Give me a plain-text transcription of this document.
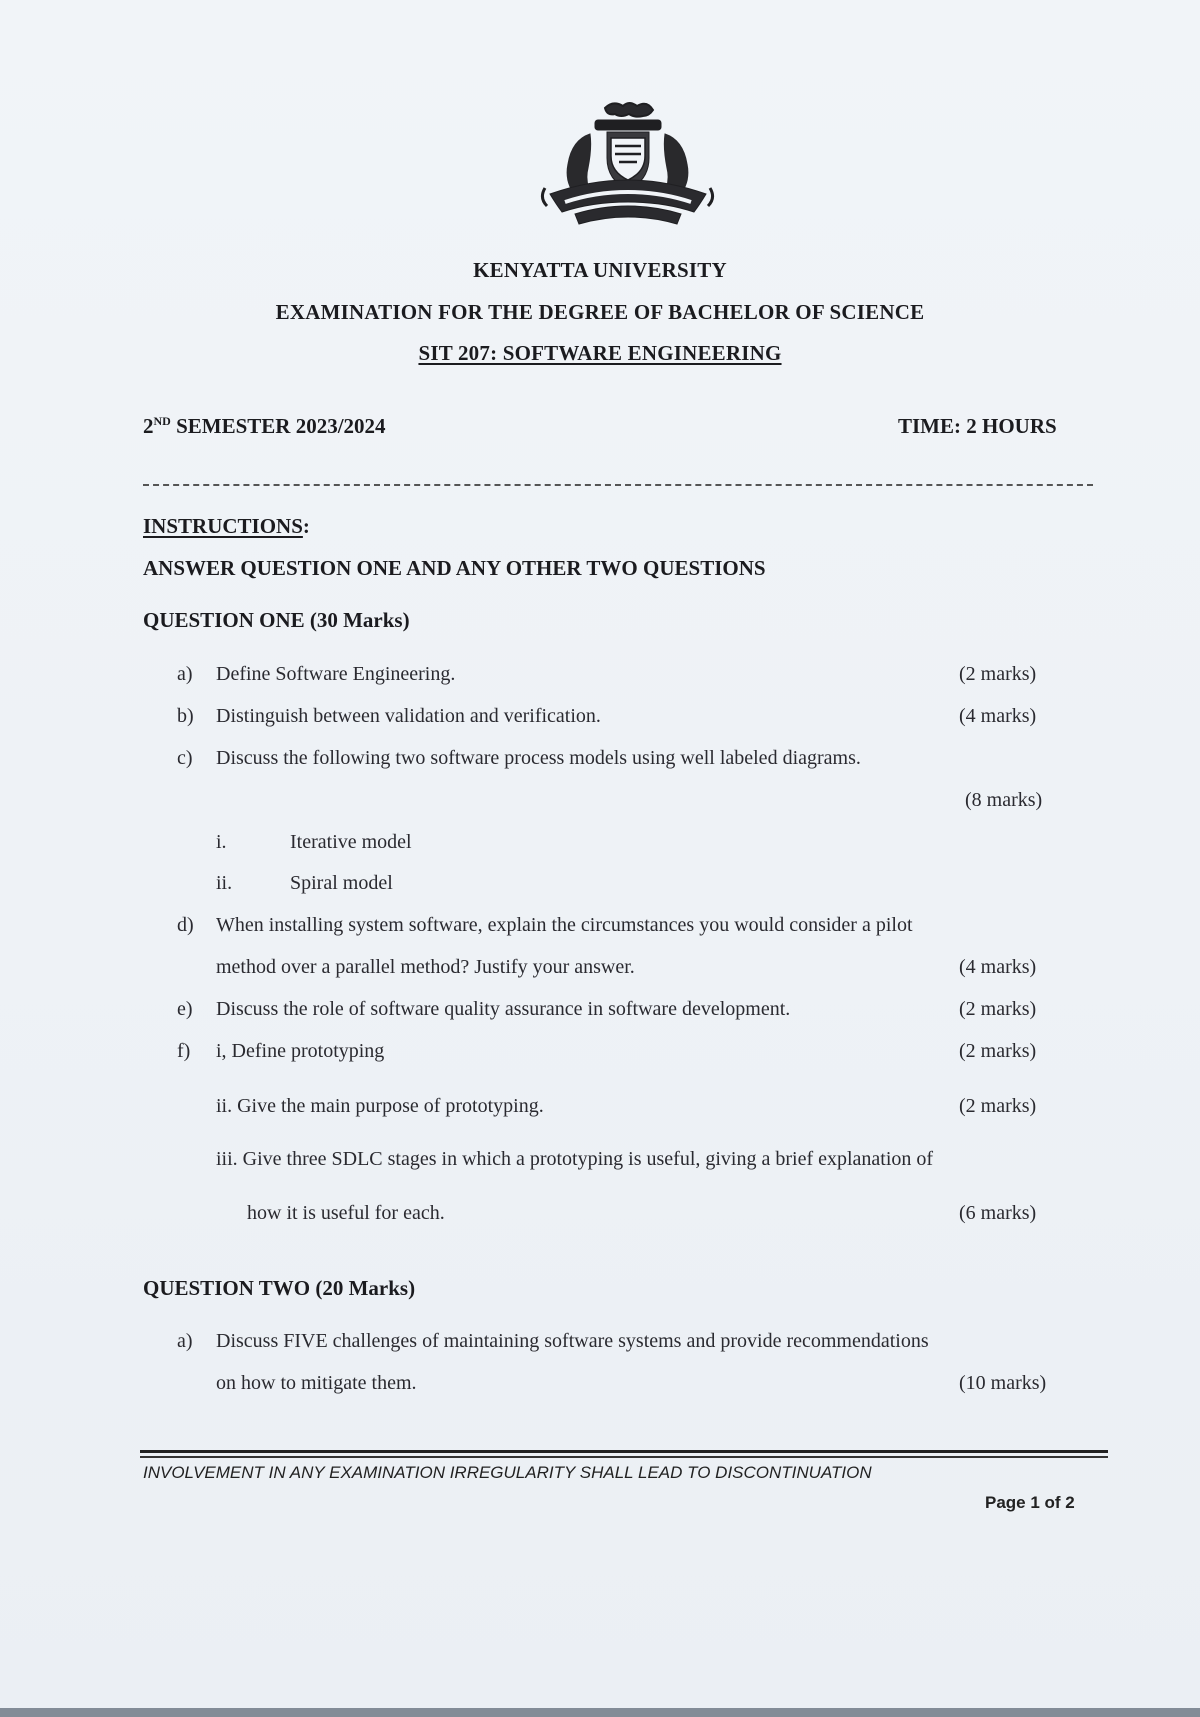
KENYATTA UNIVERSITY
EXAMINATION FOR THE DEGREE OF BACHELOR OF SCIENCE
SIT 207: SOFTWARE ENGINEERING
2ND SEMESTER 2023/2024	TIME: 2 HOURS
INSTRUCTIONS:
ANSWER QUESTION ONE AND ANY OTHER TWO QUESTIONS
QUESTION ONE (30 Marks)
a) Define Software Engineering.	(2 marks)
b) Distinguish between validation and verification.	(4 marks)
c) Discuss the following two software process models using well labeled diagrams.
(8 marks)
i.	Iterative model
ii.	Spiral model
d) When installing system software, explain the circumstances you would consider a pilot
method over a parallel method? Justify your answer.	(4 marks)
e) Discuss the role of software quality assurance in software development.	(2 marks)
f) i, Define prototyping	(2 marks)
ii. Give the main purpose of prototyping.	(2 marks)
iii. Give three SDLC stages in which a prototyping is useful, giving a brief explanation of
how it is useful for each.	(6 marks)
QUESTION TWO (20 Marks)
a) Discuss FIVE challenges of maintaining software systems and provide recommendations
on how to mitigate them.	(10 marks)
INVOLVEMENT IN ANY EXAMINATION IRREGULARITY SHALL LEAD TO DISCONTINUATION
Page 1 of 2
